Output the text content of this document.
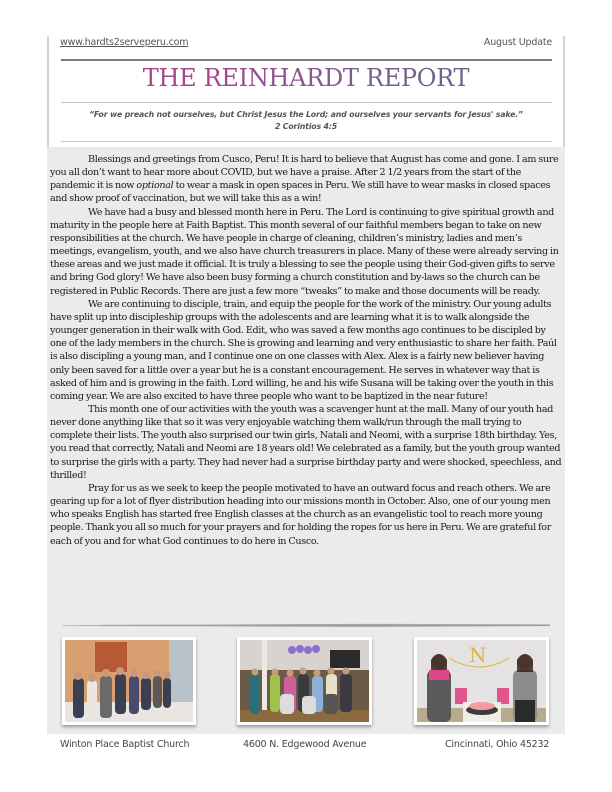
www.hardts2serveperu.com	August Update
THE REINHARDT REPORT
“For we preach not ourselves, but Christ Jesus the Lord; and ourselves your servants for Jesus' sake.”
2 Corintios 4:5

Blessings and greetings from Cusco, Peru! It is hard to believe that August has come and gone. I am sure you all don’t want to hear more about COVID, but we have a praise. After 2 1/2 years from the start of the pandemic it is now optional to wear a mask in open spaces in Peru. We still have to wear masks in closed spaces and show proof of vaccination, but we will take this as a win!

We have had a busy and blessed month here in Peru. The Lord is continuing to give spiritual growth and maturity in the people here at Faith Baptist. This month several of our faithful members began to take on new responsibilities at the church. We have people in charge of cleaning, children’s ministry, ladies and men’s meetings, evangelism, youth, and we also have church treasurers in place. Many of these were already serving in these areas and we just made it official. It is truly a blessing to see the people using their God-given gifts to serve and bring God glory! We have also been busy forming a church constitution and by-laws so the church can be registered in Public Records. There are just a few more “tweaks” to make and those documents will be ready.

We are continuing to disciple, train, and equip the people for the work of the ministry. Our young adults have split up into discipleship groups with the adolescents and are learning what it is to walk alongside the younger generation in their walk with God. Edit, who was saved a few months ago continues to be discipled by one of the lady members in the church. She is growing and learning and very enthusiastic to share her faith. Paúl is also discipling a young man, and I continue one on one classes with Alex. Alex is a fairly new believer having only been saved for a little over a year but he is a constant encouragement. He serves in whatever way that is asked of him and is growing in the faith. Lord willing, he and his wife Susana will be taking over the youth in this coming year. We are also excited to have three people who want to be baptized in the near future!

This month one of our activities with the youth was a scavenger hunt at the mall. Many of our youth had never done anything like that so it was very enjoyable watching them walk/run through the mall trying to complete their lists. The youth also surprised our twin girls, Natali and Neomi, with a surprise 18th birthday. Yes, you read that correctly, Natali and Neomi are 18 years old! We celebrated as a family, but the youth group wanted to surprise the girls with a party. They had never had a surprise birthday party and were shocked, speechless, and thrilled!

Pray for us as we seek to keep the people motivated to have an outward focus and reach others. We are gearing up for a lot of flyer distribution heading into our missions month in October. Also, one of our young men who speaks English has started free English classes at the church as an evangelistic tool to reach more young people. Thank you all so much for your prayers and for holding the ropes for us here in Peru. We are grateful for each of you and for what God continues to do here in Cusco.

N
Winton Place Baptist Church	4600 N. Edgewood Avenue	Cincinnati, Ohio 45232
